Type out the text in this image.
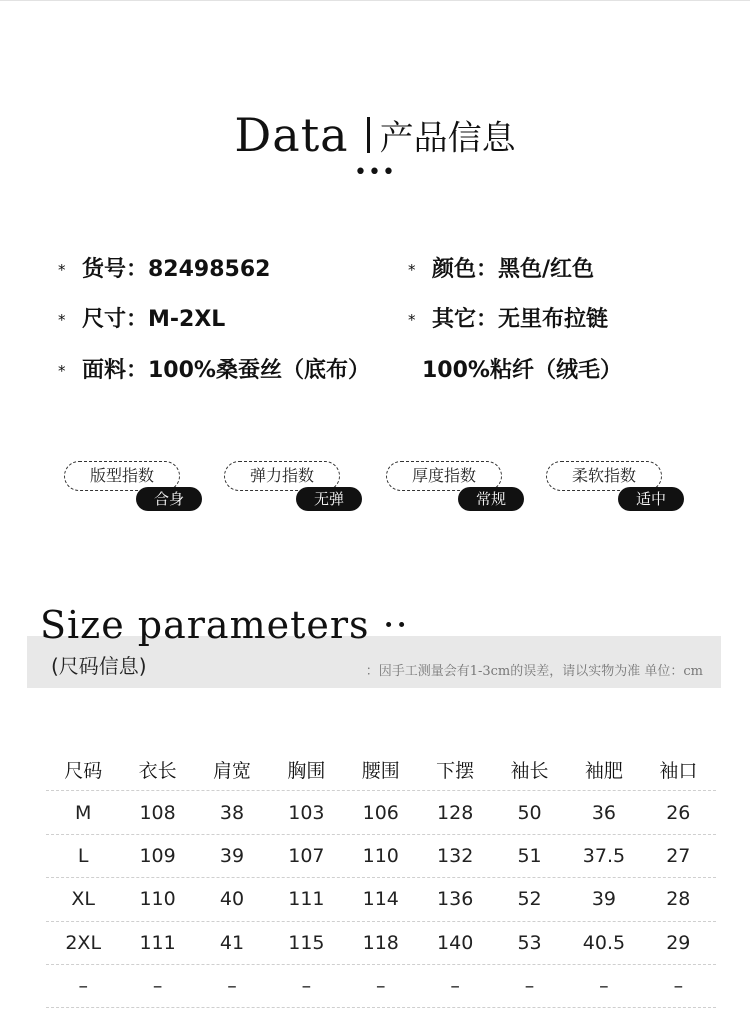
Data 产品信息
•••
* 货号：82498562	* 颜色：黑色/红色
* 尺寸：M-2XL	* 其它：无里布拉链
* 面料：100%桑蚕丝（底布） 100%粘纤（绒毛）
版型指数
合身
弹力指数
无弹
厚度指数
常规
柔软指数
适中
(尺码信息)	：因手工测量会有1-3cm的误差，请以实物为准 单位：cm
Size parameters ··
尺码	衣长	肩宽	胸围	腰围	下摆	袖长	袖肥	袖口
M	108	38	103	106	128	50	36	26
L	109	39	107	110	132	51	37.5	27
XL	110	40	111	114	136	52	39	28
2XL	111	41	115	118	140	53	40.5	29
–	–	–	–	–	–	–	–	–
